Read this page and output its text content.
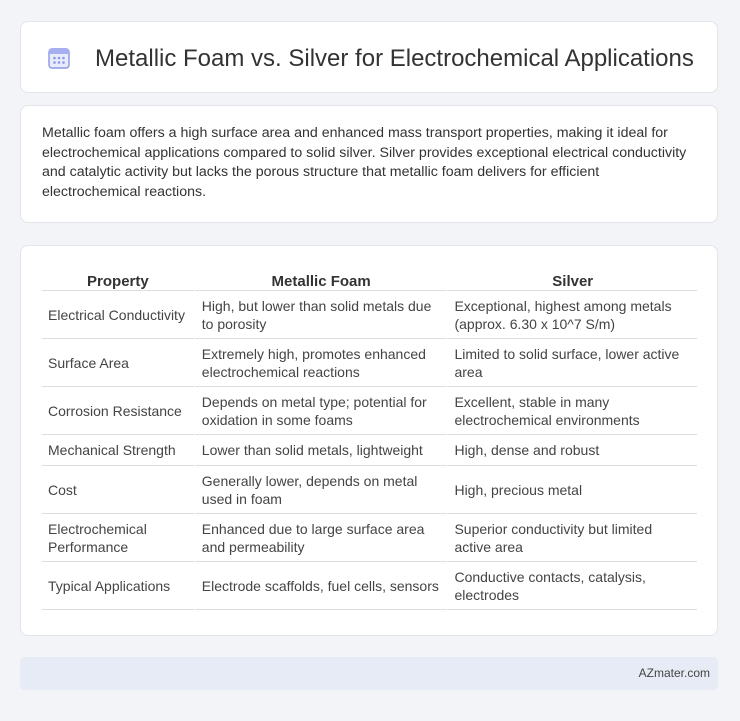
Metallic Foam vs. Silver for Electrochemical Applications

Metallic foam offers a high surface area and enhanced mass transport properties, making it ideal for electrochemical applications compared to solid silver. Silver provides exceptional electrical conductivity and catalytic activity but lacks the porous structure that metallic foam delivers for efficient electrochemical reactions.

Property	Metallic Foam	Silver
Electrical Conductivity	High, but lower than solid metals due to porosity	Exceptional, highest among metals (approx. 6.30 x 10^7 S/m)
Surface Area	Extremely high, promotes enhanced electrochemical reactions	Limited to solid surface, lower active area
Corrosion Resistance	Depends on metal type; potential for oxidation in some foams	Excellent, stable in many electrochemical environments
Mechanical Strength	Lower than solid metals, lightweight	High, dense and robust
Cost	Generally lower, depends on metal used in foam	High, precious metal
Electrochemical Performance	Enhanced due to large surface area and permeability	Superior conductivity but limited active area
Typical Applications	Electrode scaffolds, fuel cells, sensors	Conductive contacts, catalysis, electrodes
AZmater.com
